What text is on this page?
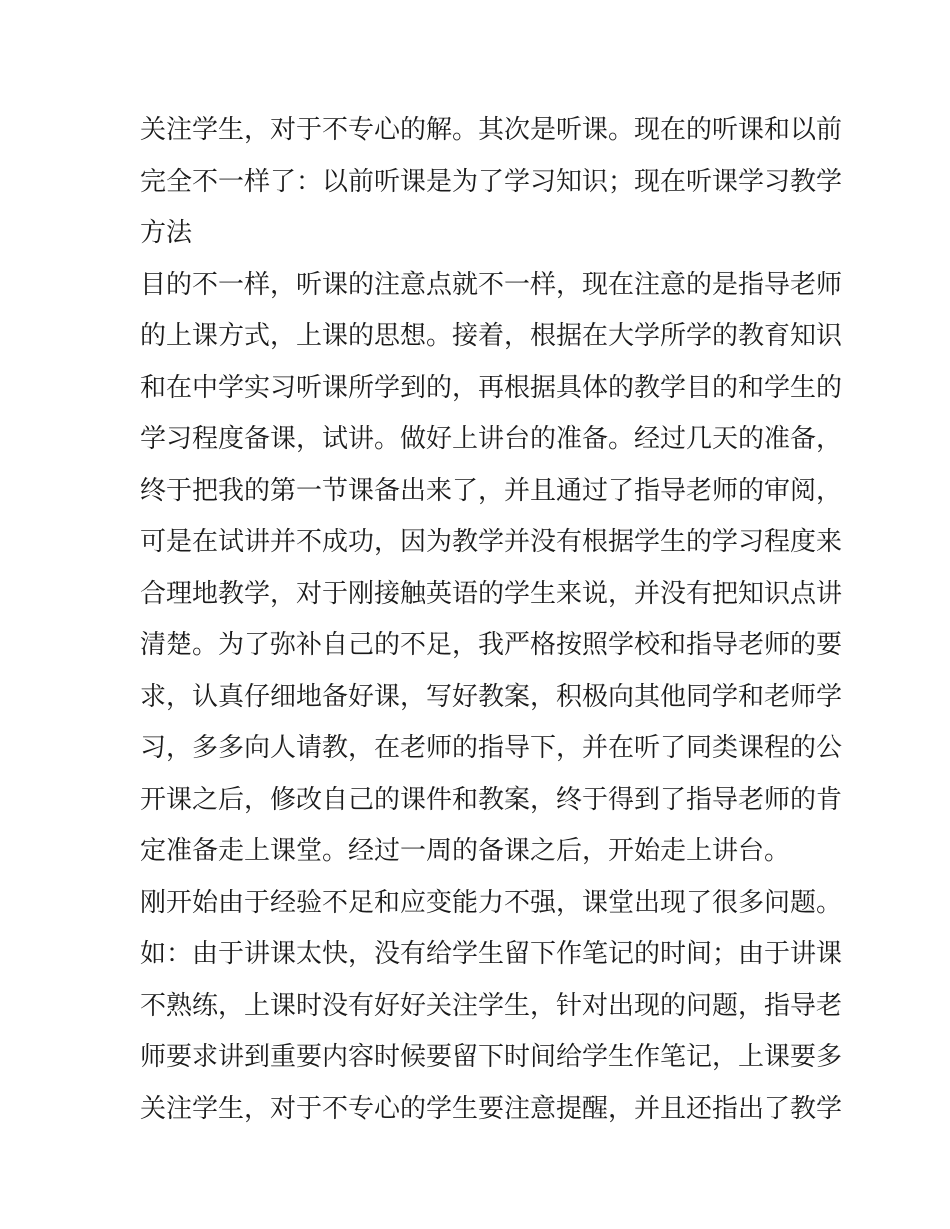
关注学生，对于不专心的解。其次是听课。现在的听课和以前
完全不一样了：以前听课是为了学习知识；现在听课学习教学
方法
目的不一样，听课的注意点就不一样，现在注意的是指导老师
的上课方式，上课的思想。接着，根据在大学所学的教育知识
和在中学实习听课所学到的，再根据具体的教学目的和学生的
学习程度备课，试讲。做好上讲台的准备。经过几天的准备，
终于把我的第一节课备出来了，并且通过了指导老师的审阅，
可是在试讲并不成功，因为教学并没有根据学生的学习程度来
合理地教学，对于刚接触英语的学生来说，并没有把知识点讲
清楚。为了弥补自己的不足，我严格按照学校和指导老师的要
求，认真仔细地备好课，写好教案，积极向其他同学和老师学
习，多多向人请教，在老师的指导下，并在听了同类课程的公
开课之后，修改自己的课件和教案，终于得到了指导老师的肯
定准备走上课堂。经过一周的备课之后，开始走上讲台。
刚开始由于经验不足和应变能力不强，课堂出现了很多问题。
如：由于讲课太快，没有给学生留下作笔记的时间；由于讲课
不熟练，上课时没有好好关注学生，针对出现的问题，指导老
师要求讲到重要内容时候要留下时间给学生作笔记，上课要多
关注学生，对于不专心的学生要注意提醒，并且还指出了教学
